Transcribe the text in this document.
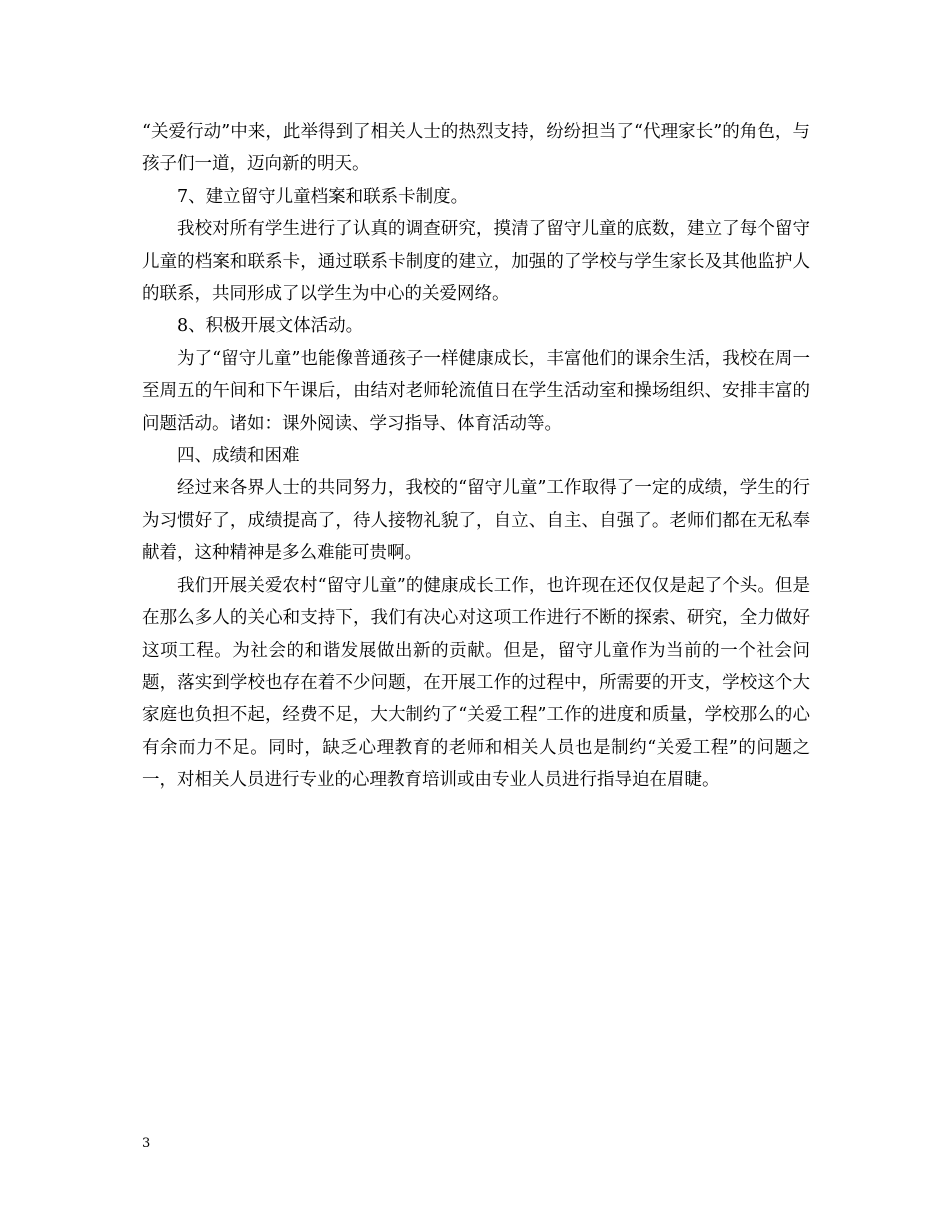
“关爱行动”中来，此举得到了相关人士的热烈支持，纷纷担当了“代理家长”的角色，与孩子们一道，迈向新的明天。

7、建立留守儿童档案和联系卡制度。

我校对所有学生进行了认真的调查研究，摸清了留守儿童的底数，建立了每个留守儿童的档案和联系卡，通过联系卡制度的建立，加强的了学校与学生家长及其他监护人的联系，共同形成了以学生为中心的关爱网络。

8、积极开展文体活动。

为了“留守儿童”也能像普通孩子一样健康成长，丰富他们的课余生活，我校在周一至周五的午间和下午课后，由结对老师轮流值日在学生活动室和操场组织、安排丰富的问题活动。诸如：课外阅读、学习指导、体育活动等。

四、成绩和困难

经过来各界人士的共同努力，我校的“留守儿童”工作取得了一定的成绩，学生的行为习惯好了，成绩提高了，待人接物礼貌了，自立、自主、自强了。老师们都在无私奉献着，这种精神是多么难能可贵啊。

我们开展关爱农村“留守儿童”的健康成长工作，也许现在还仅仅是起了个头。但是在那么多人的关心和支持下，我们有决心对这项工作进行不断的探索、研究，全力做好这项工程。为社会的和谐发展做出新的贡献。但是，留守儿童作为当前的一个社会问题，落实到学校也存在着不少问题，在开展工作的过程中，所需要的开支，学校这个大家庭也负担不起，经费不足，大大制约了“关爱工程”工作的进度和质量，学校那么的心有余而力不足。同时，缺乏心理教育的老师和相关人员也是制约“关爱工程”的问题之一，对相关人员进行专业的心理教育培训或由专业人员进行指导迫在眉睫。

3
